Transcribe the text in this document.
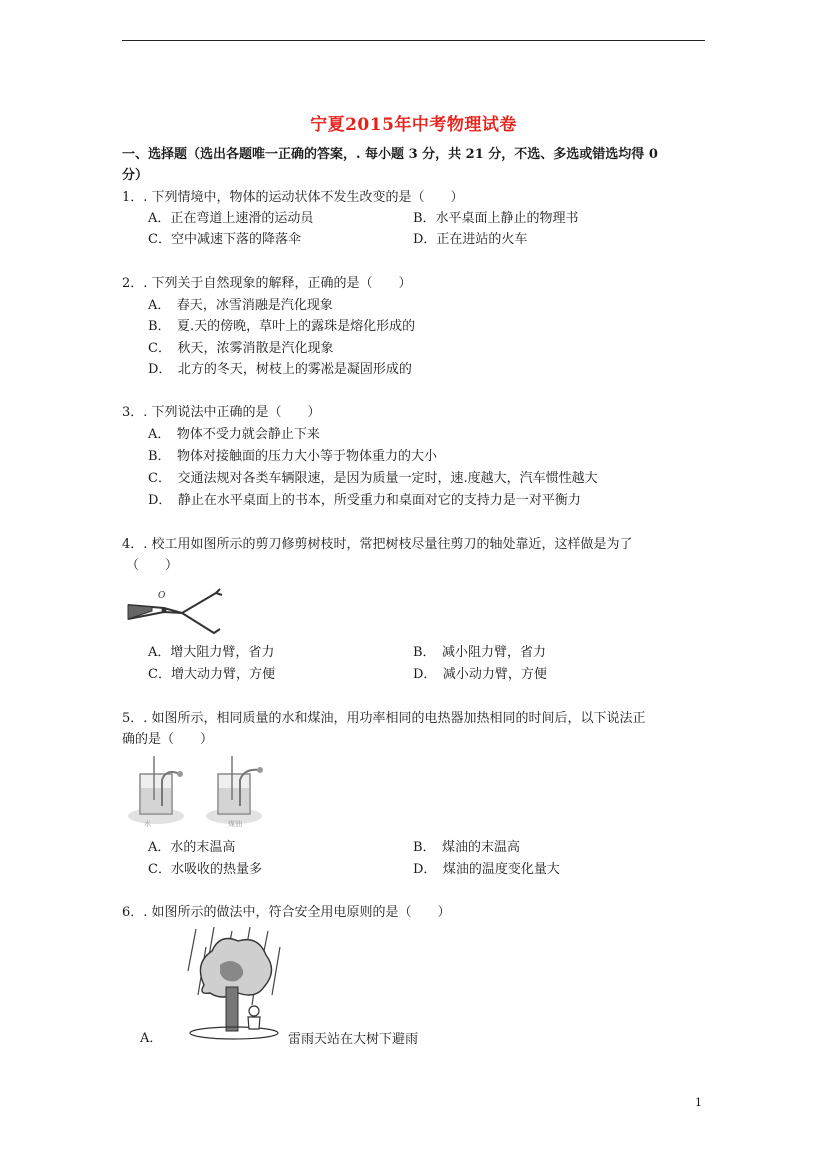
宁夏2015年中考物理试卷
一、选择题（选出各题唯一正确的答案，. 每小题 3 分，共 21 分，不选、多选或错选均得 0
分）
1．. 下列情境中，物体的运动状体不发生改变的是（　　）
A．正在弯道上速滑的运动员	B．水平桌面上静止的物理书
C．空中减速下落的降落伞	D．正在进站的火车
2．. 下列关于自然现象的解释，正确的是（　　）
A．　春天，冰雪消融是汽化现象
B．　夏.天的傍晚，草叶上的露珠是熔化形成的
C．　秋天，浓雾消散是汽化现象
D．　北方的冬天，树枝上的雾凇是凝固形成的
3．. 下列说法中正确的是（　　）
A．　物体不受力就会静止下来
B．　物体对接触面的压力大小等于物体重力的大小
C．　交通法规对各类车辆限速，是因为质量一定时，速.度越大，汽车惯性越大
D．　静止在水平桌面上的书本，所受重力和桌面对它的支持力是一对平衡力
4．. 校工用如图所示的剪刀修剪树枝时，常把树枝尽量往剪刀的轴处靠近，这样做是为了
（　　）
O
A．增大阻力臂，省力	B．　减小阻力臂，省力
C．增大动力臂，方便	D．　减小动力臂，方便
5．. 如图所示，相同质量的水和煤油，用功率相同的电热器加热相同的时间后，以下说法正
确的是（　　）
水	煤油
A．水的末温高	B．　煤油的末温高
C．水吸收的热量多	D．　煤油的温度变化量大
6．. 如图所示的做法中，符合安全用电原则的是（　　）
A．	雷雨天站在大树下避雨
1
